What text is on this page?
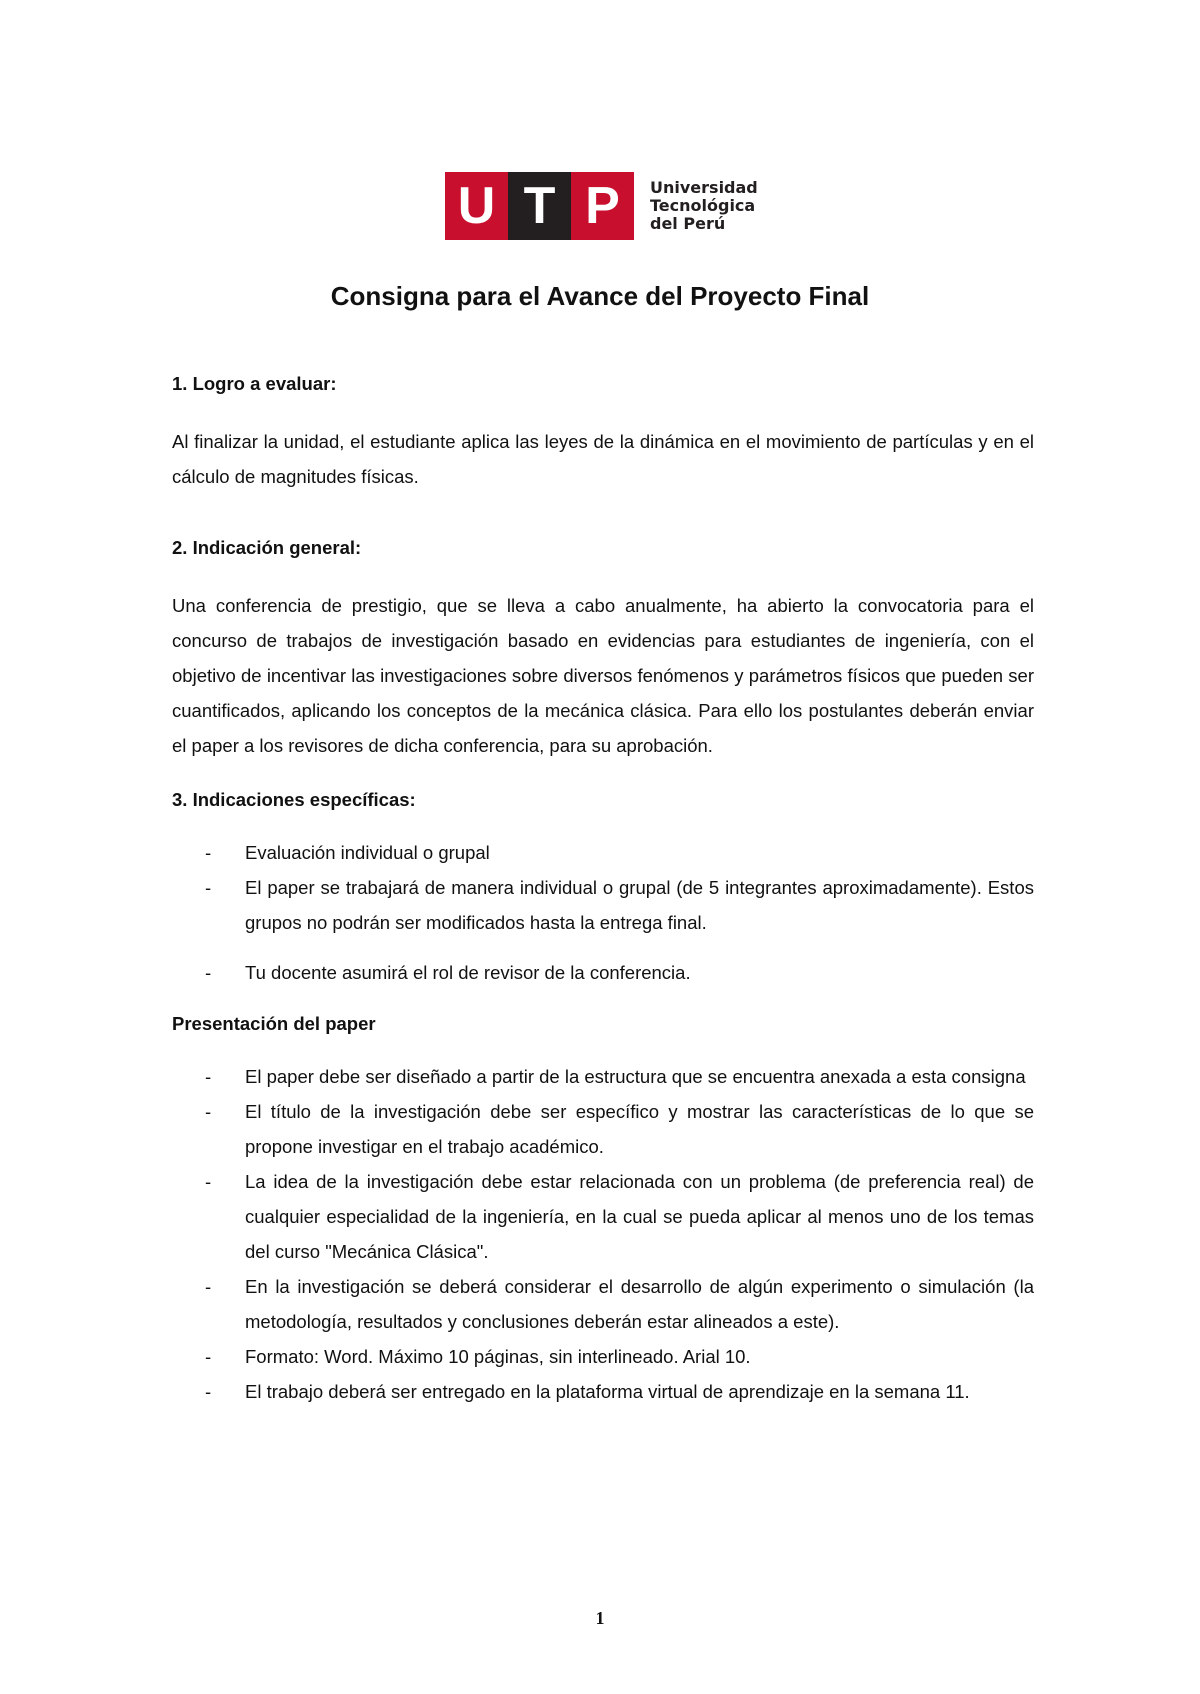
U T P	Universidad
Tecnológica
del Perú
Consigna para el Avance del Proyecto Final

1. Logro a evaluar:

Al finalizar la unidad, el estudiante aplica las leyes de la dinámica en el movimiento de partículas y en el cálculo de magnitudes físicas.

2. Indicación general:

Una conferencia de prestigio, que se lleva a cabo anualmente, ha abierto la convocatoria para el concurso de trabajos de investigación basado en evidencias para estudiantes de ingeniería, con el objetivo de incentivar las investigaciones sobre diversos fenómenos y parámetros físicos que pueden ser cuantificados, aplicando los conceptos de la mecánica clásica. Para ello los postulantes deberán enviar el paper a los revisores de dicha conferencia, para su aprobación.

3. Indicaciones específicas:

- Evaluación individual o grupal
- El paper se trabajará de manera individual o grupal (de 5 integrantes aproximadamente). Estos grupos no podrán ser modificados hasta la entrega final.
- Tu docente asumirá el rol de revisor de la conferencia.

Presentación del paper

- El paper debe ser diseñado a partir de la estructura que se encuentra anexada a esta consigna
- El título de la investigación debe ser específico y mostrar las características de lo que se propone investigar en el trabajo académico.
- La idea de la investigación debe estar relacionada con un problema (de preferencia real) de cualquier especialidad de la ingeniería, en la cual se pueda aplicar al menos uno de los temas del curso "Mecánica Clásica".
- En la investigación se deberá considerar el desarrollo de algún experimento o simulación (la metodología, resultados y conclusiones deberán estar alineados a este).
- Formato: Word. Máximo 10 páginas, sin interlineado. Arial 10.
- El trabajo deberá ser entregado en la plataforma virtual de aprendizaje en la semana 11.
1
